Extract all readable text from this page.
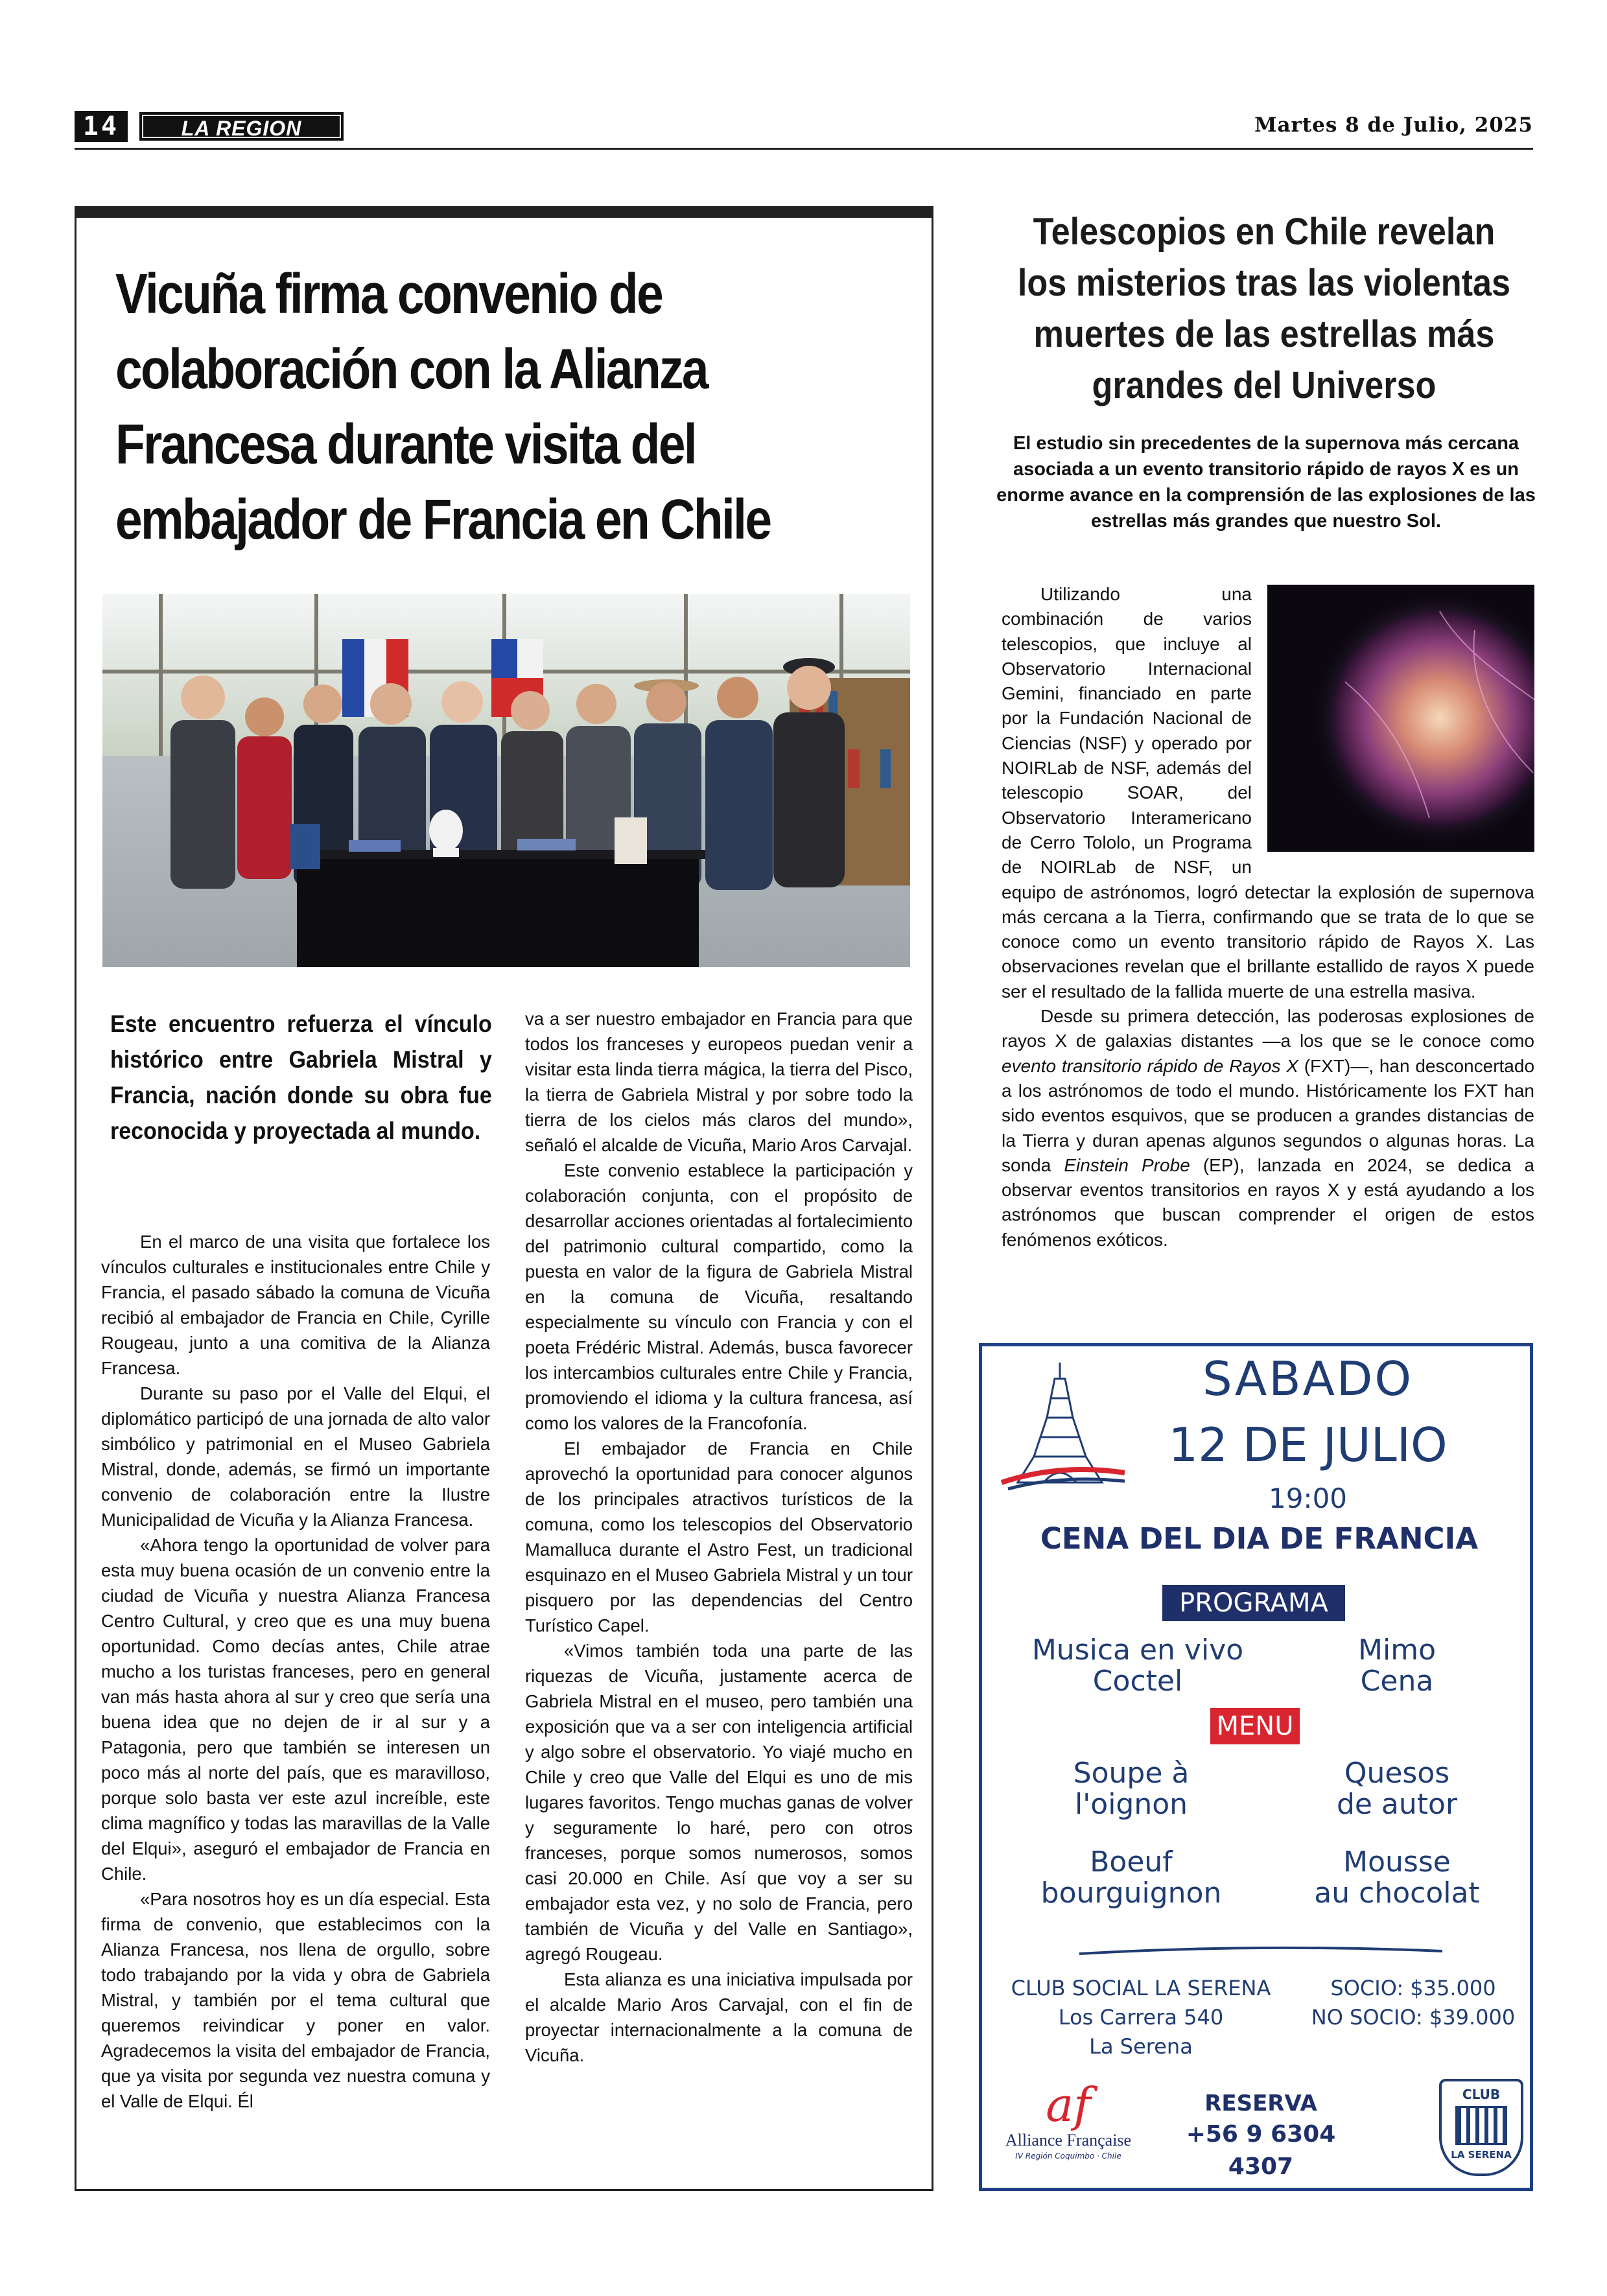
14	LA REGION	Martes 8 de Julio, 2025
Vicuña firma convenio de
colaboración con la Alianza
Francesa durante visita del
embajador de Francia en Chile
Este encuentro refuerza el vínculo histórico entre Gabriela Mistral y Francia, nación donde su obra fue reconocida y proyectada al mundo.

En el marco de una visita que fortalece los vínculos culturales e institucionales entre Chile y Francia, el pasado sábado la comuna de Vicuña recibió al embajador de Francia en Chile, Cyrille Rougeau, junto a una comitiva de la Alianza Francesa.

Durante su paso por el Valle del Elqui, el diplomático participó de una jornada de alto valor simbólico y patrimonial en el Museo Gabriela Mistral, donde, además, se firmó un importante convenio de colaboración entre la Ilustre Municipalidad de Vicuña y la Alianza Francesa.

«Ahora tengo la oportunidad de volver para esta muy buena ocasión de un convenio entre la ciudad de Vicuña y nuestra Alianza Francesa Centro Cultural, y creo que es una muy buena oportunidad. Como decías antes, Chile atrae mucho a los turistas franceses, pero en general van más hasta ahora al sur y creo que sería una buena idea que no dejen de ir al sur y a Patagonia, pero que también se interesen un poco más al norte del país, que es maravilloso, porque solo basta ver este azul increíble, este clima magnífico y todas las maravillas de la Valle del Elqui», aseguró el embajador de Francia en Chile.

«Para nosotros hoy es un día especial. Esta firma de convenio, que establecimos con la Alianza Francesa, nos llena de orgullo, sobre todo trabajando por la vida y obra de Gabriela Mistral, y también por el tema cultural que queremos reivindicar y poner en valor. Agradecemos la visita del embajador de Francia, que ya visita por segunda vez nuestra comuna y el Valle de Elqui. Él

va a ser nuestro embajador en Francia para que todos los franceses y europeos puedan venir a visitar esta linda tierra mágica, la tierra del Pisco, la tierra de Gabriela Mistral y por sobre todo la tierra de los cielos más claros del mundo», señaló el alcalde de Vicuña, Mario Aros Carvajal.

Este convenio establece la participación y colaboración conjunta, con el propósito de desarrollar acciones orientadas al fortalecimiento del patrimonio cultural compartido, como la puesta en valor de la figura de Gabriela Mistral en la comuna de Vicuña, resaltando especialmente su vínculo con Francia y con el poeta Frédéric Mistral. Además, busca favorecer los intercambios culturales entre Chile y Francia, promoviendo el idioma y la cultura francesa, así como los valores de la Francofonía.

El embajador de Francia en Chile aprovechó la oportunidad para conocer algunos de los principales atractivos turísticos de la comuna, como los telescopios del Observatorio Mamalluca durante el Astro Fest, un tradicional esquinazo en el Museo Gabriela Mistral y un tour pisquero por las dependencias del Centro Turístico Capel.

«Vimos también toda una parte de las riquezas de Vicuña, justamente acerca de Gabriela Mistral en el museo, pero también una exposición que va a ser con inteligencia artificial y algo sobre el observatorio. Yo viajé mucho en Chile y creo que Valle del Elqui es uno de mis lugares favoritos. Tengo muchas ganas de volver y seguramente lo haré, pero con otros franceses, porque somos numerosos, somos casi 20.000 en Chile. Así que voy a ser su embajador esta vez, y no solo de Francia, pero también de Vicuña y del Valle en Santiago», agregó Rougeau.

Esta alianza es una iniciativa impulsada por el alcalde Mario Aros Carvajal, con el fin de proyectar internacionalmente a la comuna de Vicuña.

Telescopios en Chile revelan
los misterios tras las violentas
muertes de las estrellas más
grandes del Universo
El estudio sin precedentes de la supernova más cercana asociada a un evento transitorio rápido de rayos X es un enorme avance en la comprensión de las explosiones de las estrellas más grandes que nuestro Sol.

Utilizando una combinación de varios telescopios, que incluye al Observatorio Internacional Gemini, financiado en parte por la Fundación Nacional de Ciencias (NSF) y operado por NOIRLab de NSF, además del telescopio SOAR, del Observatorio Interamericano de Cerro Tololo, un Programa de NOIRLab de NSF, un equipo de astrónomos, logró detectar la explosión de supernova más cercana a la Tierra, confirmando que se trata de lo que se conoce como un evento transitorio rápido de Rayos X. Las observaciones revelan que el brillante estallido de rayos X puede ser el resultado de la fallida muerte de una estrella masiva.

Desde su primera detección, las poderosas explosiones de rayos X de galaxias distantes —a los que se le conoce como evento transitorio rápido de Rayos X (FXT)—, han desconcertado a los astrónomos de todo el mundo. Históricamente los FXT han sido eventos esquivos, que se producen a grandes distancias de la Tierra y duran apenas algunos segundos o algunas horas. La sonda Einstein Probe (EP), lanzada en 2024, se dedica a observar eventos transitorios en rayos X y está ayudando a los astrónomos que buscan comprender el origen de estos fenómenos exóticos.

SABADO
12 DE JULIO
19:00
CENA DEL DIA DE FRANCIA
PROGRAMA
Musica en vivo
Coctel
Mimo
Cena
MENU
Soupe à
l'oignon
Quesos
de autor
Boeuf
bourguignon
Mousse
au chocolat
CLUB SOCIAL LA SERENA
Los Carrera 540
La Serena
SOCIO: $35.000
NO SOCIO: $39.000
af
Alliance Française
IV Región Coquimbo · Chile
RESERVA
+56 9 6304 4307
CLUB
LA SERENA
